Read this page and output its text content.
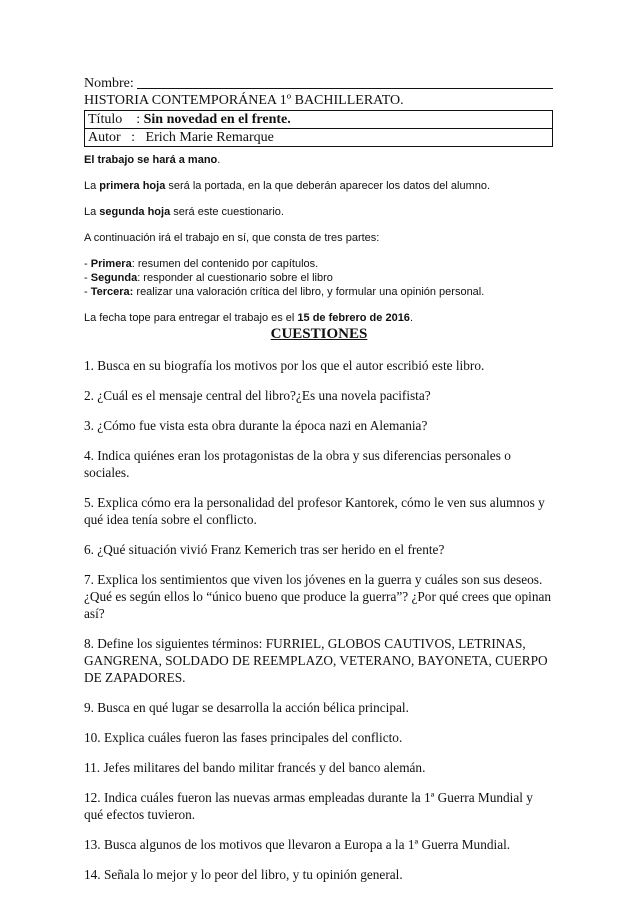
Nombre:
HISTORIA CONTEMPORÁNEA 1º BACHILLERATO.
Título    : Sin novedad en el frente.
Autor   :   Erich Marie Remarque

El trabajo se hará a mano.

La primera hoja será la portada, en la que deberán aparecer los datos del alumno.

La segunda hoja será este cuestionario.

A continuación irá el trabajo en sí, que consta de tres partes:

- Primera: resumen del contenido por capítulos.

- Segunda: responder al cuestionario sobre el libro

- Tercera: realizar una valoración crítica del libro, y formular una opinión personal.

La fecha tope para entregar el trabajo es el 15 de febrero de 2016.

CUESTIONES

1. Busca en su biografía los motivos por los que el autor escribió este libro.

2. ¿Cuál es el mensaje central del libro?¿Es una novela pacifista?

3. ¿Cómo fue vista esta obra durante la época nazi en Alemania?

4. Indica quiénes eran los protagonistas de la obra y sus diferencias personales o sociales.

5. Explica cómo era la personalidad del profesor Kantorek, cómo le ven sus alumnos y qué idea tenía sobre el conflicto.

6. ¿Qué situación vivió Franz Kemerich tras ser herido en el frente?

7. Explica los sentimientos que viven los jóvenes en la guerra y cuáles son sus deseos.
¿Qué es según ellos lo “único bueno que produce la guerra”? ¿Por qué crees que opinan así?

8. Define los siguientes términos: FURRIEL, GLOBOS CAUTIVOS, LETRINAS, GANGRENA, SOLDADO DE REEMPLAZO, VETERANO, BAYONETA, CUERPO DE ZAPADORES.

9. Busca en qué lugar se desarrolla la acción bélica principal.

10. Explica cuáles fueron las fases principales del conflicto.

11. Jefes militares del bando militar francés y del banco alemán.

12. Indica cuáles fueron las nuevas armas empleadas durante la 1ª Guerra Mundial y qué efectos tuvieron.

13. Busca algunos de los motivos que llevaron a Europa a la 1ª Guerra Mundial.

14. Señala lo mejor y lo peor del libro, y tu opinión general.
